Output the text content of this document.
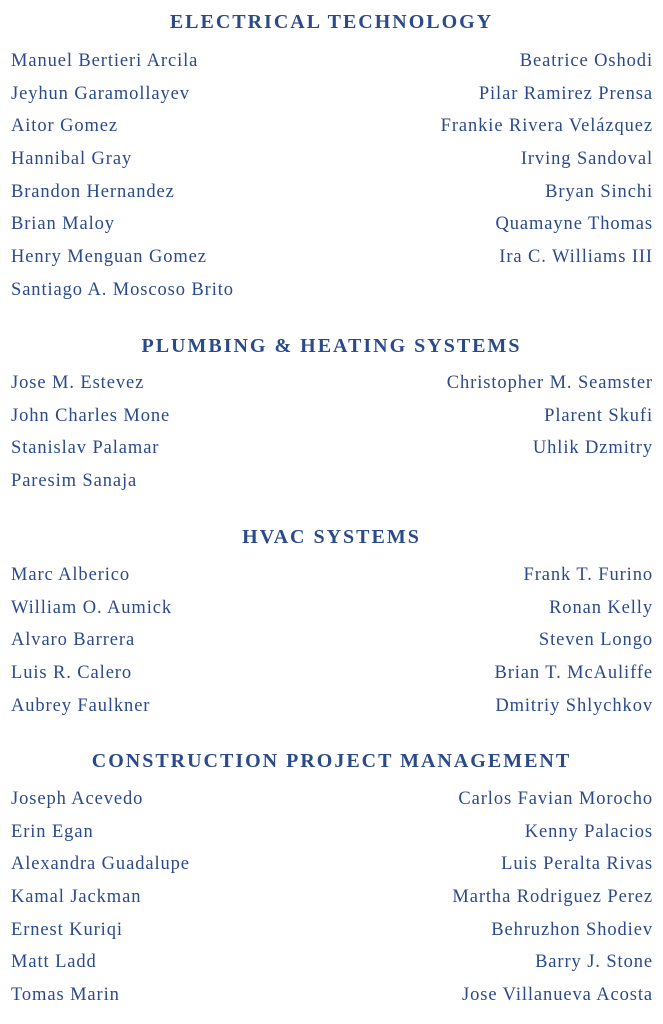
ELECTRICAL TECHNOLOGY
Manuel Bertieri Arcila
Jeyhun Garamollayev
Aitor Gomez
Hannibal Gray
Brandon Hernandez
Brian Maloy
Henry Menguan Gomez
Santiago A. Moscoso Brito
Beatrice Oshodi
Pilar Ramirez Prensa
Frankie Rivera Velázquez
Irving Sandoval
Bryan Sinchi
Quamayne Thomas
Ira C. Williams III
PLUMBING & HEATING SYSTEMS
Jose M. Estevez
John Charles Mone
Stanislav Palamar
Paresim Sanaja
Christopher M. Seamster
Plarent Skufi
Uhlik Dzmitry
HVAC SYSTEMS
Marc Alberico
William O. Aumick
Alvaro Barrera
Luis R. Calero
Aubrey Faulkner
Frank T. Furino
Ronan Kelly
Steven Longo
Brian T. McAuliffe
Dmitriy Shlychkov
CONSTRUCTION PROJECT MANAGEMENT
Joseph Acevedo
Erin Egan
Alexandra Guadalupe
Kamal Jackman
Ernest Kuriqi
Matt Ladd
Tomas Marin
Carlos Favian Morocho
Kenny Palacios
Luis Peralta Rivas
Martha Rodriguez Perez
Behruzhon Shodiev
Barry J. Stone
Jose Villanueva Acosta
